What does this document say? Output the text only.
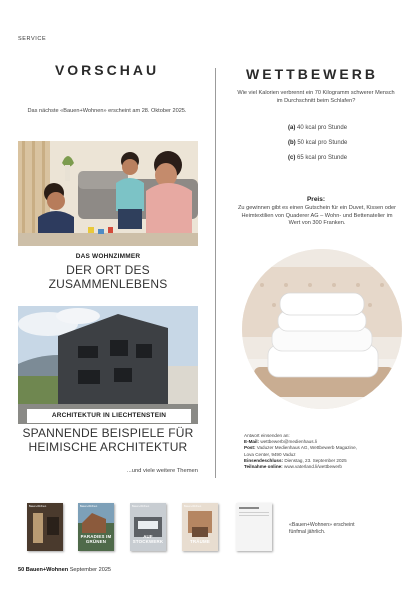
SERVICE
VORSCHAU
Das nächste «Bauen+Wohnen» erscheint am 28. Oktober 2025.
DAS WOHNZIMMER
DER ORT DES ZUSAMMENLEBENS
ARCHITEKTUR IN LIECHTENSTEIN
SPANNENDE BEISPIELE FÜR HEIMISCHE ARCHITEKTUR
...und viele weitere Themen
WETTBEWERB
Wie viel Kalorien verbrennt ein 70 Kilogramm schwerer Mensch im Durchschnitt beim Schlafen?
(a) 40 kcal pro Stunde
(b) 50 kcal pro Stunde
(c) 65 kcal pro Stunde
Preis:
Zu gewinnen gibt es einen Gutschein für ein Duvet, Kissen oder Heimtextilien von Quaderer AG – Wohn- und Bettenatelier im Wert von 300 Franken.
Antwort einsenden an:
E-Mail: wettbewerb@medienhaus.li
Post: Vaduzer Medienhaus AG, Wettbewerb Magazine,
Lova Center, 9490 Vaduz
Einsendeschluss: Dienstag, 23. September 2025
Teilnahme online: www.vaterland.li/wettbewerb
Bauen+Wohnen	Bauen+Wohnen
PARADIES IM GRÜNEN
Bauen+Wohnen
AUF STOCKWERK
Bauen+Wohnen
TRÄUME
«Bauen+Wohnen» erscheint fünfmal jährlich.
50 Bauen+Wohnen September 2025
